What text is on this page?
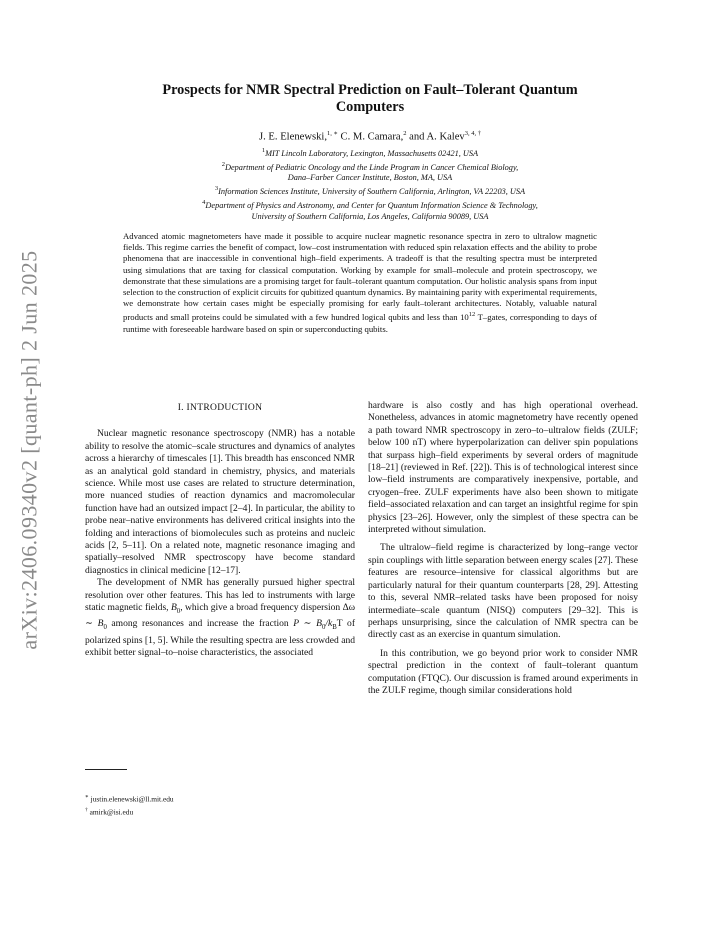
arXiv:2406.09340v2 [quant-ph] 2 Jun 2025
Prospects for NMR Spectral Prediction on Fault–Tolerant Quantum
Computers
J. E. Elenewski,$^{1, ∗}$ C. M. Camara,$^2$ and A. Kalev$^{3, 4, \dagger}$
$^1$MIT Lincoln Laboratory, Lexington, Massachusetts 02421, USA
$^2$Department of Pediatric Oncology and the Linde Program in Cancer Chemical Biology,
Dana–Farber Cancer Institute, Boston, MA, USA
$^3$Information Sciences Institute, University of Southern California, Arlington, VA 22203, USA
$^4$Department of Physics and Astronomy, and Center for Quantum Information Science & Technology,
University of Southern California, Los Angeles, California 90089, USA
Advanced atomic magnetometers have made it possible to acquire nuclear magnetic resonance spectra in zero to ultralow magnetic fields. This regime carries the benefit of compact, low–cost instrumentation with reduced spin relaxation effects and the ability to probe phenomena that are inaccessible in conventional high–field experiments. A tradeoff is that the resulting spectra must be interpreted using simulations that are taxing for classical computation. Working by example for small–molecule and protein spectroscopy, we demonstrate that these simulations are a promising target for fault–tolerant quantum computation. Our holistic analysis spans from input selection to the construction of explicit circuits for qubitized quantum dynamics. By maintaining parity with experimental requirements, we demonstrate how certain cases might be especially promising for early fault–tolerant architectures. Notably, valuable natural products and small proteins could be simulated with a few hundred logical qubits and less than $10^{12}$ T–gates, corresponding to days of runtime with foreseeable hardware based on spin or superconducting qubits.
I. INTRODUCTION

Nuclear magnetic resonance spectroscopy (NMR) has a notable ability to resolve the atomic–scale structures and dynamics of analytes across a hierarchy of timescales [1]. This breadth has ensconced NMR as an analytical gold standard in chemistry, physics, and materials science. While most use cases are related to structure determination, more nuanced studies of reaction dynamics and macromolecular function have had an outsized impact [2–4]. In particular, the ability to probe near–native environments has delivered critical insights into the folding and interactions of biomolecules such as proteins and nucleic acids [2, 5–11]. On a related note, magnetic resonance imaging and spatially–resolved NMR spectroscopy have become standard diagnostics in clinical medicine [12–17].

The development of NMR has generally pursued higher spectral resolution over other features. This has led to instruments with large static magnetic fields, $B_0$, which give a broad frequency dispersion Δω ∼ $B_0$ among resonances and increase the fraction P ∼ $B_0/k_BT$ of polarized spins [1, 5]. While the resulting spectra are less crowded and exhibit better signal–to–noise characteristics, the associated

hardware is also costly and has high operational overhead. Nonetheless, advances in atomic magnetometry have recently opened a path toward NMR spectroscopy in zero–to–ultralow fields (ZULF; below 100 nT) where hyperpolarization can deliver spin populations that surpass high–field experiments by several orders of magnitude [18–21] (reviewed in Ref. [22]). This is of technological interest since low–field instruments are comparatively inexpensive, portable, and cryogen–free. ZULF experiments have also been shown to mitigate field–associated relaxation and can target an insightful regime for spin physics [23–26]. However, only the simplest of these spectra can be interpreted without simulation.

The ultralow–field regime is characterized by long–range vector spin couplings with little separation between energy scales [27]. These features are resource–intensive for classical algorithms but are particularly natural for their quantum counterparts [28, 29]. Attesting to this, several NMR–related tasks have been proposed for noisy intermediate–scale quantum (NISQ) computers [29–32]. This is perhaps unsurprising, since the calculation of NMR spectra can be directly cast as an exercise in quantum simulation.

In this contribution, we go beyond prior work to consider NMR spectral prediction in the context of fault–tolerant quantum computation (FTQC). Our discussion is framed around experiments in the ZULF regime, though similar considerations hold

∗ justin.elenewski@ll.mit.edu
† amirk@isi.edu
